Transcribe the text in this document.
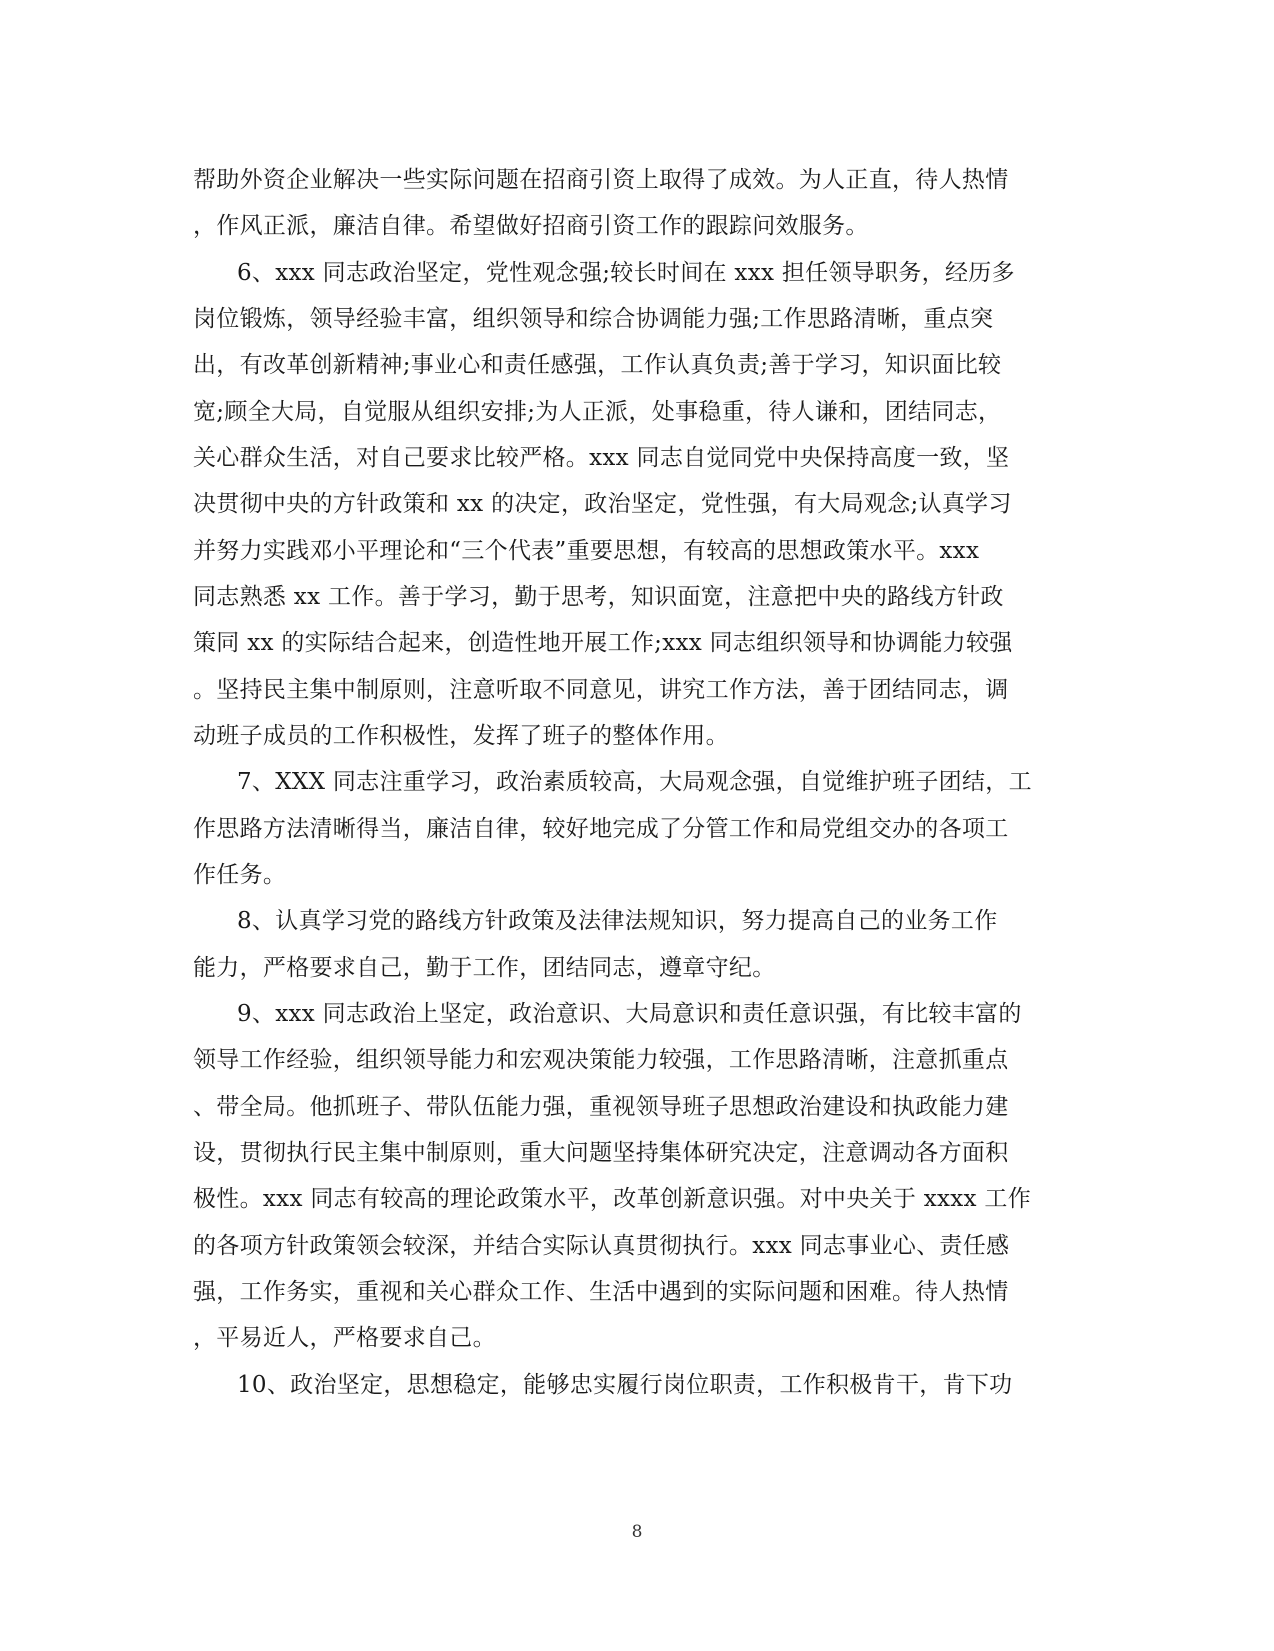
帮助外资企业解决一些实际问题在招商引资上取得了成效。为人正直，待人热情
，作风正派，廉洁自律。希望做好招商引资工作的跟踪问效服务。
6、xxx 同志政治坚定，党性观念强;较长时间在 xxx 担任领导职务，经历多
岗位锻炼，领导经验丰富，组织领导和综合协调能力强;工作思路清晰，重点突
出，有改革创新精神;事业心和责任感强，工作认真负责;善于学习，知识面比较
宽;顾全大局，自觉服从组织安排;为人正派，处事稳重，待人谦和，团结同志，
关心群众生活，对自己要求比较严格。xxx 同志自觉同党中央保持高度一致，坚
决贯彻中央的方针政策和 xx 的决定，政治坚定，党性强，有大局观念;认真学习
并努力实践邓小平理论和“三个代表”重要思想，有较高的思想政策水平。xxx
同志熟悉 xx 工作。善于学习，勤于思考，知识面宽，注意把中央的路线方针政
策同 xx 的实际结合起来，创造性地开展工作;xxx 同志组织领导和协调能力较强
。坚持民主集中制原则，注意听取不同意见，讲究工作方法，善于团结同志，调
动班子成员的工作积极性，发挥了班子的整体作用。
7、XXX 同志注重学习，政治素质较高，大局观念强，自觉维护班子团结，工
作思路方法清晰得当，廉洁自律，较好地完成了分管工作和局党组交办的各项工
作任务。
8、认真学习党的路线方针政策及法律法规知识，努力提高自己的业务工作
能力，严格要求自己，勤于工作，团结同志，遵章守纪。
9、xxx 同志政治上坚定，政治意识、大局意识和责任意识强，有比较丰富的
领导工作经验，组织领导能力和宏观决策能力较强，工作思路清晰，注意抓重点
、带全局。他抓班子、带队伍能力强，重视领导班子思想政治建设和执政能力建
设，贯彻执行民主集中制原则，重大问题坚持集体研究决定，注意调动各方面积
极性。xxx 同志有较高的理论政策水平，改革创新意识强。对中央关于 xxxx 工作
的各项方针政策领会较深，并结合实际认真贯彻执行。xxx 同志事业心、责任感
强，工作务实，重视和关心群众工作、生活中遇到的实际问题和困难。待人热情
，平易近人，严格要求自己。
10、政治坚定，思想稳定，能够忠实履行岗位职责，工作积极肯干，肯下功
8
